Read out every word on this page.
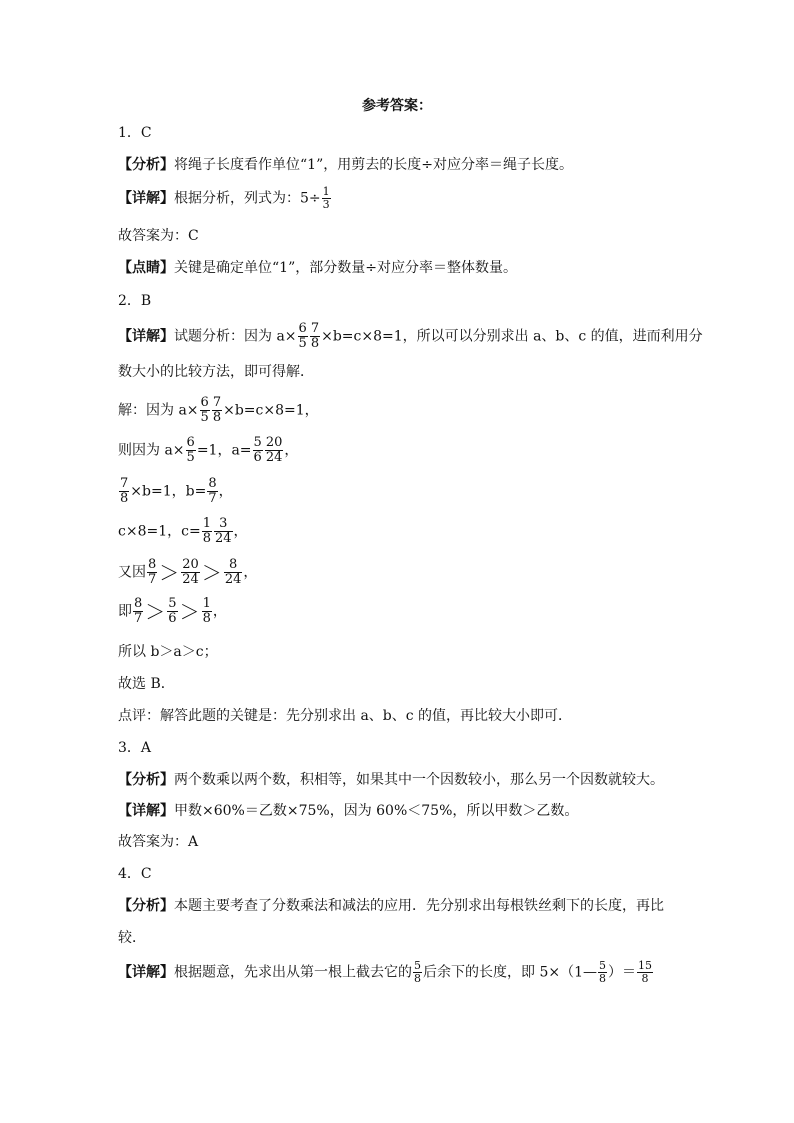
参考答案：
1．C
【分析】将绳子长度看作单位“1”，用剪去的长度÷对应分率＝绳子长度。
【详解】根据分析，列式为：$5\div \frac{1}{3}$
故答案为：C
【点睛】关键是确定单位“1”，部分数量÷对应分率＝整体数量。
2．B
【详解】试题分析：因为 $a\times \frac{6}{5} \frac{7}{8} \times b=c\times 8=1$，所以可以分别求出 a、b、c 的值，进而利用分
数大小的比较方法，即可得解．
解：因为 $a\times \frac{6}{5} \frac{7}{8} \times b=c\times 8=1$，
则因为 $a\times \frac{6}{5} =1$，$a= \frac{5}{6} \frac{20}{24}$ ，
$\frac{7}{8} \times b=1$，$b= \frac{8}{7}$ ，
c×8=1，$c= \frac{1}{8} \frac{3}{24}$ ，
又因 $\frac{8}{7} > \frac{20}{24} > \frac{8}{24}$ ，
即 $\frac{8}{7} > \frac{5}{6} > \frac{1}{8}$ ，
所以 b＞a＞c；
故选 B．
点评：解答此题的关键是：先分别求出 a、b、c 的值，再比较大小即可．
3．A
【分析】两个数乘以两个数，积相等，如果其中一个因数较小，那么另一个因数就较大。
【详解】甲数×60%＝乙数×75%，因为 60%＜75%，所以甲数＞乙数。
故答案为：A
4．C
【分析】本题主要考查了分数乘法和减法的应用．先分别求出每根铁丝剩下的长度，再比
较．
【详解】根据题意，先求出从第一根上截去它的 $\frac{5}{8}$ 后余下的长度，即 5×（1— $\frac{5}{8}$ ）＝ $\frac{15}{8}$
